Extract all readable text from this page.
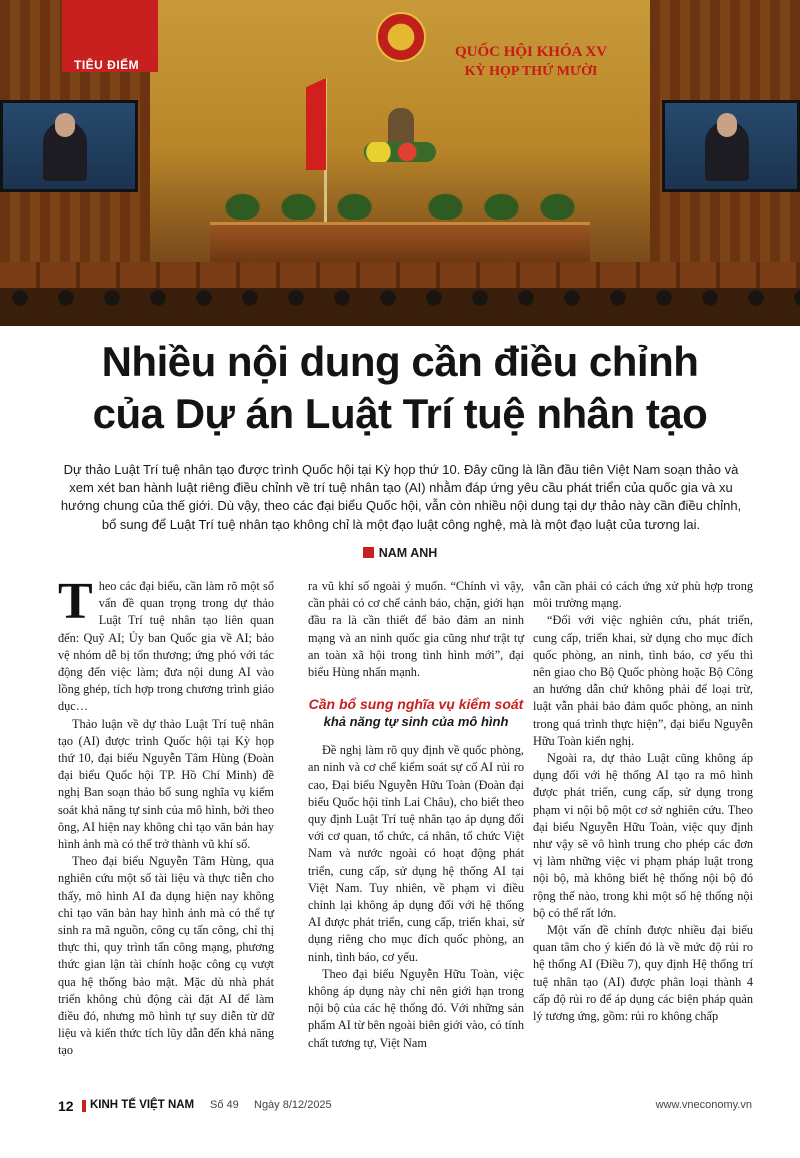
TIÊU ĐIỂM
QUỐC HỘI KHÓA XV
KỲ HỌP THỨ MƯỜI
Nhiều nội dung cần điều chỉnh
của Dự án Luật Trí tuệ nhân tạo
Dự thảo Luật Trí tuệ nhân tạo được trình Quốc hội tại Kỳ họp thứ 10. Đây cũng là lần đầu tiên Việt Nam soạn thảo và xem xét ban hành luật riêng điều chỉnh về trí tuệ nhân tạo (AI) nhằm đáp ứng yêu cầu phát triển của quốc gia và xu hướng chung của thế giới. Dù vậy, theo các đại biểu Quốc hội, vẫn còn nhiều nội dung tại dự thảo này cần điều chỉnh, bổ sung để Luật Trí tuệ nhân tạo không chỉ là một đạo luật công nghệ, mà là một đạo luật của tương lai.
NAM ANH

Theo các đại biểu, cần làm rõ một số vấn đề quan trọng trong dự thảo Luật Trí tuệ nhân tạo liên quan đến: Quỹ AI; Ủy ban Quốc gia về AI; bảo vệ nhóm dễ bị tổn thương; ứng phó với tác động đến việc làm; đưa nội dung AI vào lồng ghép, tích hợp trong chương trình giáo dục…

Thảo luận về dự thảo Luật Trí tuệ nhân tạo (AI) được trình Quốc hội tại Kỳ họp thứ 10, đại biểu Nguyễn Tâm Hùng (Đoàn đại biểu Quốc hội TP. Hồ Chí Minh) đề nghị Ban soạn thảo bổ sung nghĩa vụ kiểm soát khả năng tự sinh của mô hình, bởi theo ông, AI hiện nay không chỉ tạo văn bản hay hình ảnh mà có thể trở thành vũ khí số.

Theo đại biểu Nguyễn Tâm Hùng, qua nghiên cứu một số tài liệu và thực tiễn cho thấy, mô hình AI đa dụng hiện nay không chỉ tạo văn bản hay hình ảnh mà có thể tự sinh ra mã nguồn, công cụ tấn công, chỉ thị thực thi, quy trình tấn công mạng, phương thức gian lận tài chính hoặc công cụ vượt qua hệ thống bảo mật. Mặc dù nhà phát triển không chủ động cài đặt AI để làm điều đó, nhưng mô hình tự suy diễn từ dữ liệu và kiến thức tích lũy dẫn đến khả năng tạo

ra vũ khí số ngoài ý muốn. “Chính vì vậy, cần phải có cơ chế cảnh báo, chặn, giới hạn đầu ra là cần thiết để bảo đảm an ninh mạng và an ninh quốc gia cũng như trật tự an toàn xã hội trong tình hình mới”, đại biểu Hùng nhấn mạnh.

Cần bổ sung nghĩa vụ kiểm soát
khả năng tự sinh của mô hình

Đề nghị làm rõ quy định về quốc phòng, an ninh và cơ chế kiểm soát sự cố AI rủi ro cao, Đại biểu Nguyễn Hữu Toàn (Đoàn đại biểu Quốc hội tỉnh Lai Châu), cho biết theo quy định Luật Trí tuệ nhân tạo áp dụng đối với cơ quan, tổ chức, cá nhân, tổ chức Việt Nam và nước ngoài có hoạt động phát triển, cung cấp, sử dụng hệ thống AI tại Việt Nam. Tuy nhiên, về phạm vi điều chỉnh lại không áp dụng đối với hệ thống AI được phát triển, cung cấp, triển khai, sử dụng riêng cho mục đích quốc phòng, an ninh, tình báo, cơ yếu.

Theo đại biểu Nguyễn Hữu Toàn, việc không áp dụng này chỉ nên giới hạn trong nội bộ của các hệ thống đó. Với những sản phẩm AI từ bên ngoài biên giới vào, có tính chất tương tự, Việt Nam

vẫn cần phải có cách ứng xử phù hợp trong môi trường mạng.

“Đối với việc nghiên cứu, phát triển, cung cấp, triển khai, sử dụng cho mục đích quốc phòng, an ninh, tình báo, cơ yếu thì nên giao cho Bộ Quốc phòng hoặc Bộ Công an hướng dẫn chứ không phải để loại trừ, luật vẫn phải bảo đảm quốc phòng, an ninh trong quá trình thực hiện”, đại biểu Nguyễn Hữu Toàn kiến nghị.

Ngoài ra, dự thảo Luật cũng không áp dụng đối với hệ thống AI tạo ra mô hình được phát triển, cung cấp, sử dụng trong phạm vi nội bộ một cơ sở nghiên cứu. Theo đại biểu Nguyễn Hữu Toàn, việc quy định như vậy sẽ vô hình trung cho phép các đơn vị làm những việc vi phạm pháp luật trong nội bộ, mà không biết hệ thống nội bộ đó rộng thế nào, trong khi một số hệ thống nội bộ có thể rất lớn.

Một vấn đề chính được nhiều đại biểu quan tâm cho ý kiến đó là về mức độ rủi ro hệ thống AI (Điều 7), quy định Hệ thống trí tuệ nhân tạo (AI) được phân loại thành 4 cấp độ rủi ro để áp dụng các biện pháp quản lý tương ứng, gồm: rủi ro không chấp

12 KINH TẾ VIỆT NAM Số 49 Ngày 8/12/2025	www.vneconomy.vn
